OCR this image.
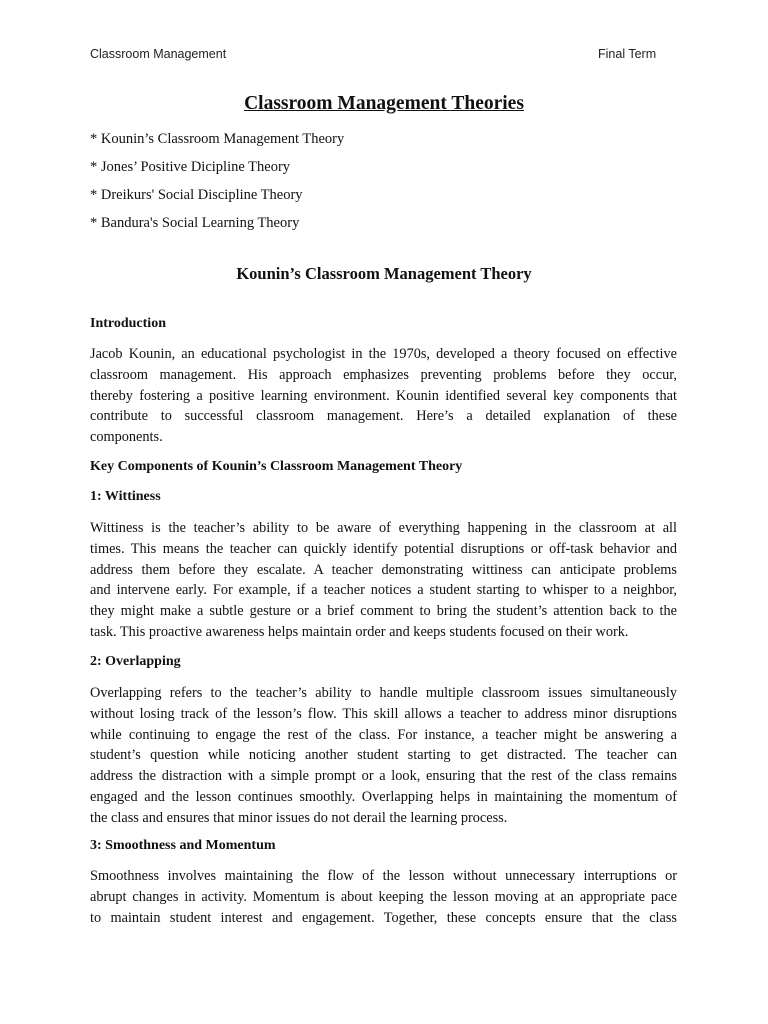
Classroom Management	Final Term
Classroom Management Theories
* Kounin’s Classroom Management Theory
* Jones’ Positive Dicipline Theory
* Dreikurs' Social Discipline Theory
* Bandura's Social Learning Theory
Kounin’s Classroom Management Theory
Introduction
Jacob Kounin, an educational psychologist in the 1970s, developed a theory focused on effective
classroom management. His approach emphasizes preventing problems before they occur,
thereby fostering a positive learning environment. Kounin identified several key components that
contribute to successful classroom management. Here’s a detailed explanation of these
components.
Key Components of Kounin’s Classroom Management Theory
1: Wittiness
Wittiness is the teacher’s ability to be aware of everything happening in the classroom at all
times. This means the teacher can quickly identify potential disruptions or off-task behavior and
address them before they escalate. A teacher demonstrating wittiness can anticipate problems
and intervene early. For example, if a teacher notices a student starting to whisper to a neighbor,
they might make a subtle gesture or a brief comment to bring the student’s attention back to the
task. This proactive awareness helps maintain order and keeps students focused on their work.
2: Overlapping
Overlapping refers to the teacher’s ability to handle multiple classroom issues simultaneously
without losing track of the lesson’s flow. This skill allows a teacher to address minor disruptions
while continuing to engage the rest of the class. For instance, a teacher might be answering a
student’s question while noticing another student starting to get distracted. The teacher can
address the distraction with a simple prompt or a look, ensuring that the rest of the class remains
engaged and the lesson continues smoothly. Overlapping helps in maintaining the momentum of
the class and ensures that minor issues do not derail the learning process.
3: Smoothness and Momentum
Smoothness involves maintaining the flow of the lesson without unnecessary interruptions or
abrupt changes in activity. Momentum is about keeping the lesson moving at an appropriate pace
to maintain student interest and engagement. Together, these concepts ensure that the class
